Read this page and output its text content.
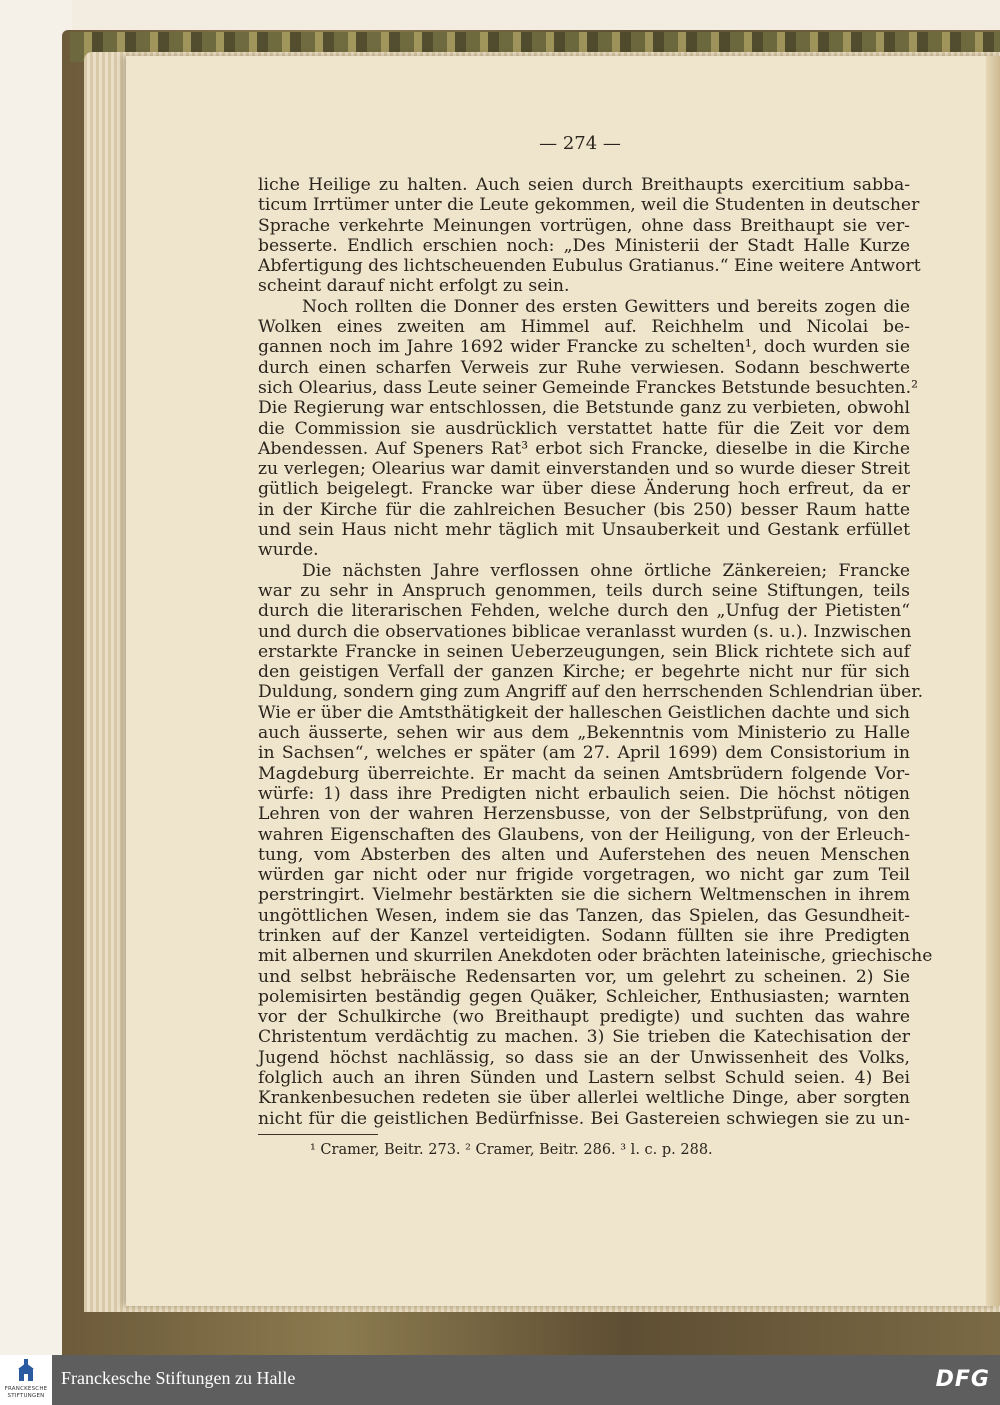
— 274 —
liche Heilige zu halten. Auch seien durch Breithaupts exercitium sabba-
ticum Irrtümer unter die Leute gekommen, weil die Studenten in deutscher
Sprache verkehrte Meinungen vortrügen, ohne dass Breithaupt sie ver-
besserte. Endlich erschien noch: „Des Ministerii der Stadt Halle Kurze
Abfertigung des lichtscheuenden Eubulus Gratianus.“ Eine weitere Antwort
scheint darauf nicht erfolgt zu sein.
Noch rollten die Donner des ersten Gewitters und bereits zogen die
Wolken eines zweiten am Himmel auf. Reichhelm und Nicolai be-
gannen noch im Jahre 1692 wider Francke zu schelten¹, doch wurden sie
durch einen scharfen Verweis zur Ruhe verwiesen. Sodann beschwerte
sich Olearius, dass Leute seiner Gemeinde Franckes Betstunde besuchten.²
Die Regierung war entschlossen, die Betstunde ganz zu verbieten, obwohl
die Commission sie ausdrücklich verstattet hatte für die Zeit vor dem
Abendessen. Auf Speners Rat³ erbot sich Francke, dieselbe in die Kirche
zu verlegen; Olearius war damit einverstanden und so wurde dieser Streit
gütlich beigelegt. Francke war über diese Änderung hoch erfreut, da er
in der Kirche für die zahlreichen Besucher (bis 250) besser Raum hatte
und sein Haus nicht mehr täglich mit Unsauberkeit und Gestank erfüllet
wurde.
Die nächsten Jahre verflossen ohne örtliche Zänkereien; Francke
war zu sehr in Anspruch genommen, teils durch seine Stiftungen, teils
durch die literarischen Fehden, welche durch den „Unfug der Pietisten“
und durch die observationes biblicae veranlasst wurden (s. u.). Inzwischen
erstarkte Francke in seinen Ueberzeugungen, sein Blick richtete sich auf
den geistigen Verfall der ganzen Kirche; er begehrte nicht nur für sich
Duldung, sondern ging zum Angriff auf den herrschenden Schlendrian über.
Wie er über die Amtsthätigkeit der halleschen Geistlichen dachte und sich
auch äusserte, sehen wir aus dem „Bekenntnis vom Ministerio zu Halle
in Sachsen“, welches er später (am 27. April 1699) dem Consistorium in
Magdeburg überreichte. Er macht da seinen Amtsbrüdern folgende Vor-
würfe: 1) dass ihre Predigten nicht erbaulich seien. Die höchst nötigen
Lehren von der wahren Herzensbusse, von der Selbstprüfung, von den
wahren Eigenschaften des Glaubens, von der Heiligung, von der Erleuch-
tung, vom Absterben des alten und Auferstehen des neuen Menschen
würden gar nicht oder nur frigide vorgetragen, wo nicht gar zum Teil
perstringirt. Vielmehr bestärkten sie die sichern Weltmenschen in ihrem
ungöttlichen Wesen, indem sie das Tanzen, das Spielen, das Gesundheit-
trinken auf der Kanzel verteidigten. Sodann füllten sie ihre Predigten
mit albernen und skurrilen Anekdoten oder brächten lateinische, griechische
und selbst hebräische Redensarten vor, um gelehrt zu scheinen. 2) Sie
polemisirten beständig gegen Quäker, Schleicher, Enthusiasten; warnten
vor der Schulkirche (wo Breithaupt predigte) und suchten das wahre
Christentum verdächtig zu machen. 3) Sie trieben die Katechisation der
Jugend höchst nachlässig, so dass sie an der Unwissenheit des Volks,
folglich auch an ihren Sünden und Lastern selbst Schuld seien. 4) Bei
Krankenbesuchen redeten sie über allerlei weltliche Dinge, aber sorgten
nicht für die geistlichen Bedürfnisse. Bei Gastereien schwiegen sie zu un-
¹ Cramer, Beitr. 273. ² Cramer, Beitr. 286. ³ l. c. p. 288.
FRANCKESCHE
STIFTUNGEN
Franckesche Stiftungen zu Halle	DFG
